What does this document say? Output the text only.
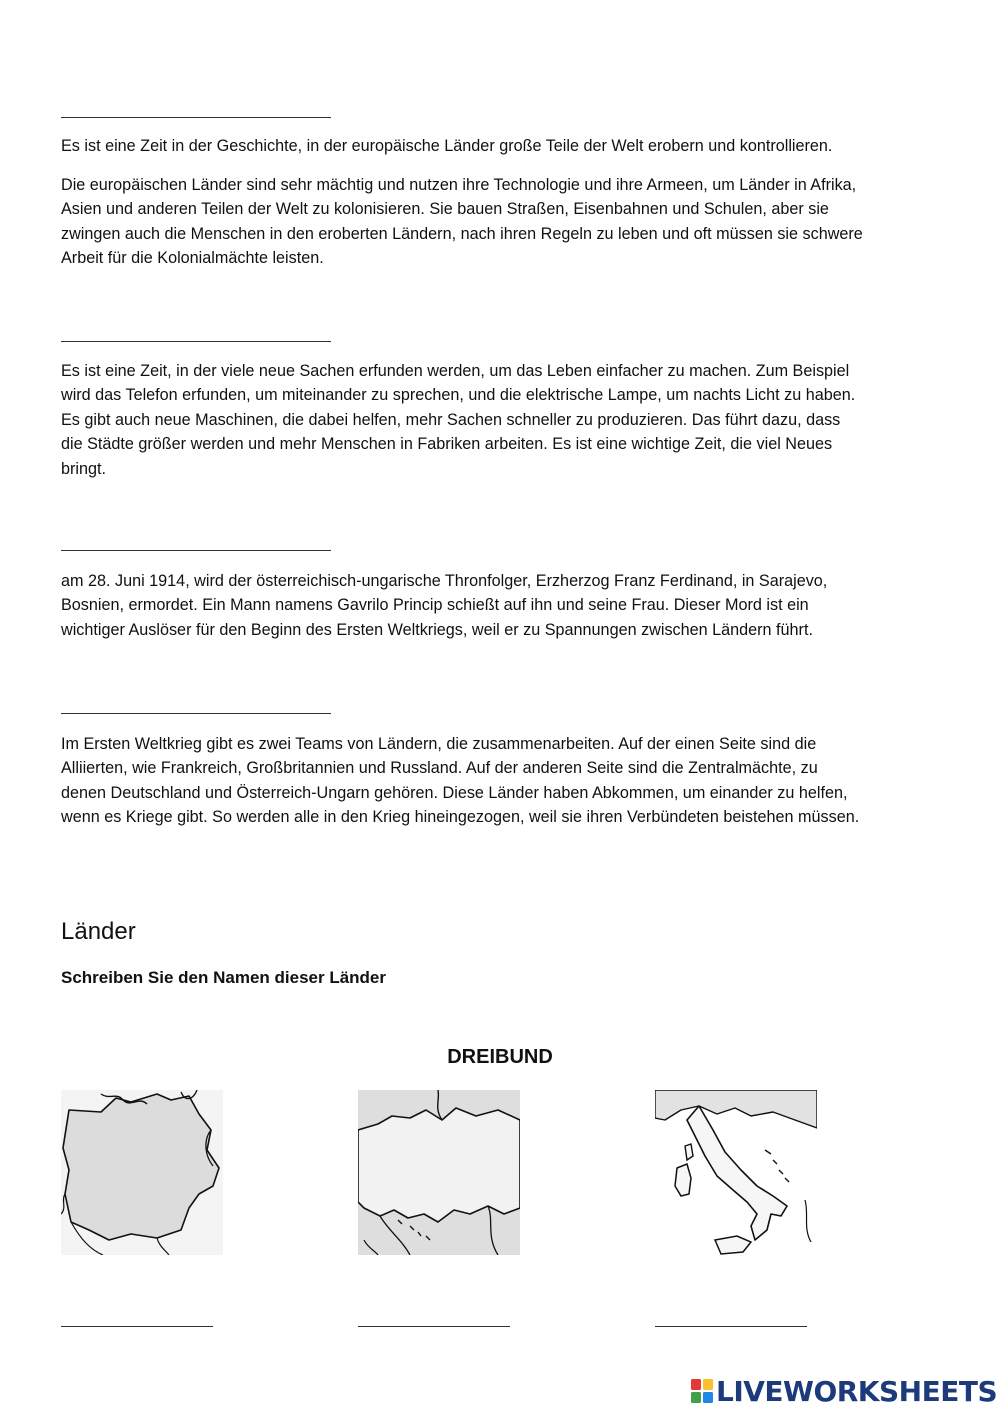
Es ist eine Zeit in der Geschichte, in der europäische Länder große Teile der Welt erobern und kontrollieren.

Die europäischen Länder sind sehr mächtig und nutzen ihre Technologie und ihre Armeen, um Länder in Afrika,
Asien und anderen Teilen der Welt zu kolonisieren. Sie bauen Straßen, Eisenbahnen und Schulen, aber sie
zwingen auch die Menschen in den eroberten Ländern, nach ihren Regeln zu leben und oft müssen sie schwere
Arbeit für die Kolonialmächte leisten.

Es ist eine Zeit, in der viele neue Sachen erfunden werden, um das Leben einfacher zu machen. Zum Beispiel
wird das Telefon erfunden, um miteinander zu sprechen, und die elektrische Lampe, um nachts Licht zu haben.
Es gibt auch neue Maschinen, die dabei helfen, mehr Sachen schneller zu produzieren. Das führt dazu, dass
die Städte größer werden und mehr Menschen in Fabriken arbeiten. Es ist eine wichtige Zeit, die viel Neues
bringt.

am 28. Juni 1914, wird der österreichisch-ungarische Thronfolger, Erzherzog Franz Ferdinand, in Sarajevo,
Bosnien, ermordet. Ein Mann namens Gavrilo Princip schießt auf ihn und seine Frau. Dieser Mord ist ein
wichtiger Auslöser für den Beginn des Ersten Weltkriegs, weil er zu Spannungen zwischen Ländern führt.

Im Ersten Weltkrieg gibt es zwei Teams von Ländern, die zusammenarbeiten. Auf der einen Seite sind die
Alliierten, wie Frankreich, Großbritannien und Russland. Auf der anderen Seite sind die Zentralmächte, zu
denen Deutschland und Österreich-Ungarn gehören. Diese Länder haben Abkommen, um einander zu helfen,
wenn es Kriege gibt. So werden alle in den Krieg hineingezogen, weil sie ihren Verbündeten beistehen müssen.

Länder

Schreiben Sie den Namen dieser Länder

DREIBUND

LIVEWORKSHEETS
